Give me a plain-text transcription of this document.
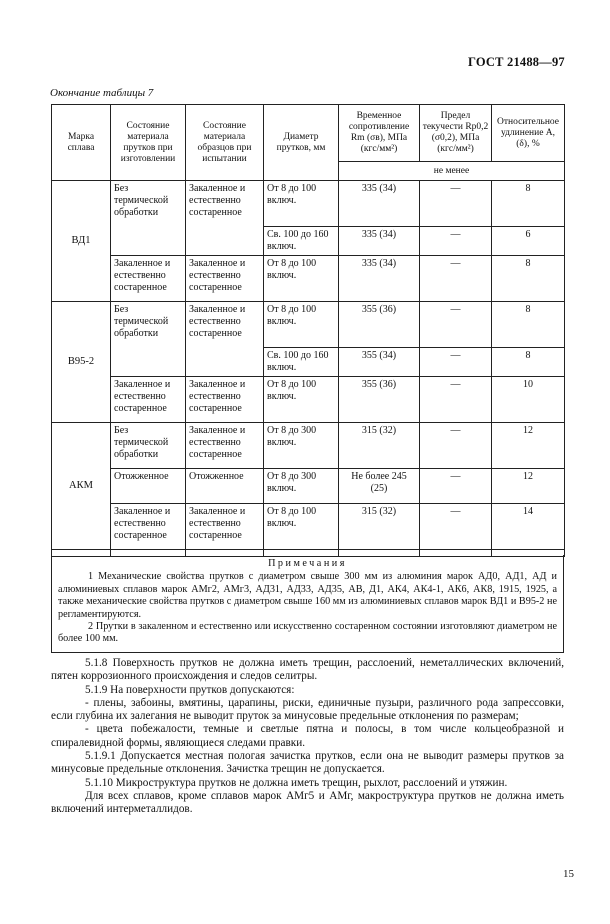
ГОСТ 21488—97
Окончание таблицы 7
Марка сплава	Состояние материала прутков при изготовлении	Состояние материала образцов при испытании	Диаметр прутков, мм	Временное сопротивление Rm (σв), МПа (кгс/мм²)	Предел текучести Rp0,2 (σ0,2), МПа (кгс/мм²)	Относительное удлинение A, (δ), %
				не менее		
ВД1	Без термической обработки	Закаленное и естественно состаренное	От 8 до 100 включ.	335 (34)	—	8
			Св. 100 до 160 включ.	335 (34)	—	6
	Закаленное и естественно состаренное	Закаленное и естественно состаренное	От 8 до 100 включ.	335 (34)	—	8
В95-2	Без термической обработки	Закаленное и естественно состаренное	От 8 до 100 включ.	355 (36)	—	8
			Св. 100 до 160 включ.	355 (34)	—	8
	Закаленное и естественно состаренное	Закаленное и естественно состаренное	От 8 до 100 включ.	355 (36)	—	10
АКМ	Без термической обработки	Закаленное и естественно состаренное	От 8 до 300 включ.	315 (32)	—	12
	Отожженное	Отожженное	От 8 до 300 включ.	Не более 245 (25)	—	12
	Закаленное и естественно состаренное	Закаленное и естественно состаренное	От 8 до 100 включ.	315 (32)	—	14

Примечания

1 Механические свойства прутков с диаметром свыше 300 мм из алюминия марок АД0, АД1, АД и алюминиевых сплавов марок АМг2, АМг3, АД31, АД33, АД35, АВ, Д1, АК4, АК4-1, АК6, АК8, 1915, 1925, а также механические свойства прутков с диаметром свыше 160 мм из алюминиевых сплавов марок ВД1 и В95-2 не регламентируются.

2 Прутки в закаленном и естественно или искусственно состаренном состоянии изготовляют диаметром не более 100 мм.

5.1.8 Поверхность прутков не должна иметь трещин, расслоений, неметаллических включений, пятен коррозионного происхождения и следов селитры.

5.1.9 На поверхности прутков допускаются:

- плены, забоины, вмятины, царапины, риски, единичные пузыри, различного рода запрессовки, если глубина их залегания не выводит пруток за минусовые предельные отклонения по размерам;

- цвета побежалости, темные и светлые пятна и полосы, в том числе кольцеобразной и спиралевидной формы, являющиеся следами правки.

5.1.9.1 Допускается местная пологая зачистка прутков, если она не выводит размеры прутков за минусовые предельные отклонения. Зачистка трещин не допускается.

5.1.10 Микроструктура прутков не должна иметь трещин, рыхлот, расслоений и утяжин.

Для всех сплавов, кроме сплавов марок АМг5 и АМг, макроструктура прутков не должна иметь включений интерметаллидов.

15
